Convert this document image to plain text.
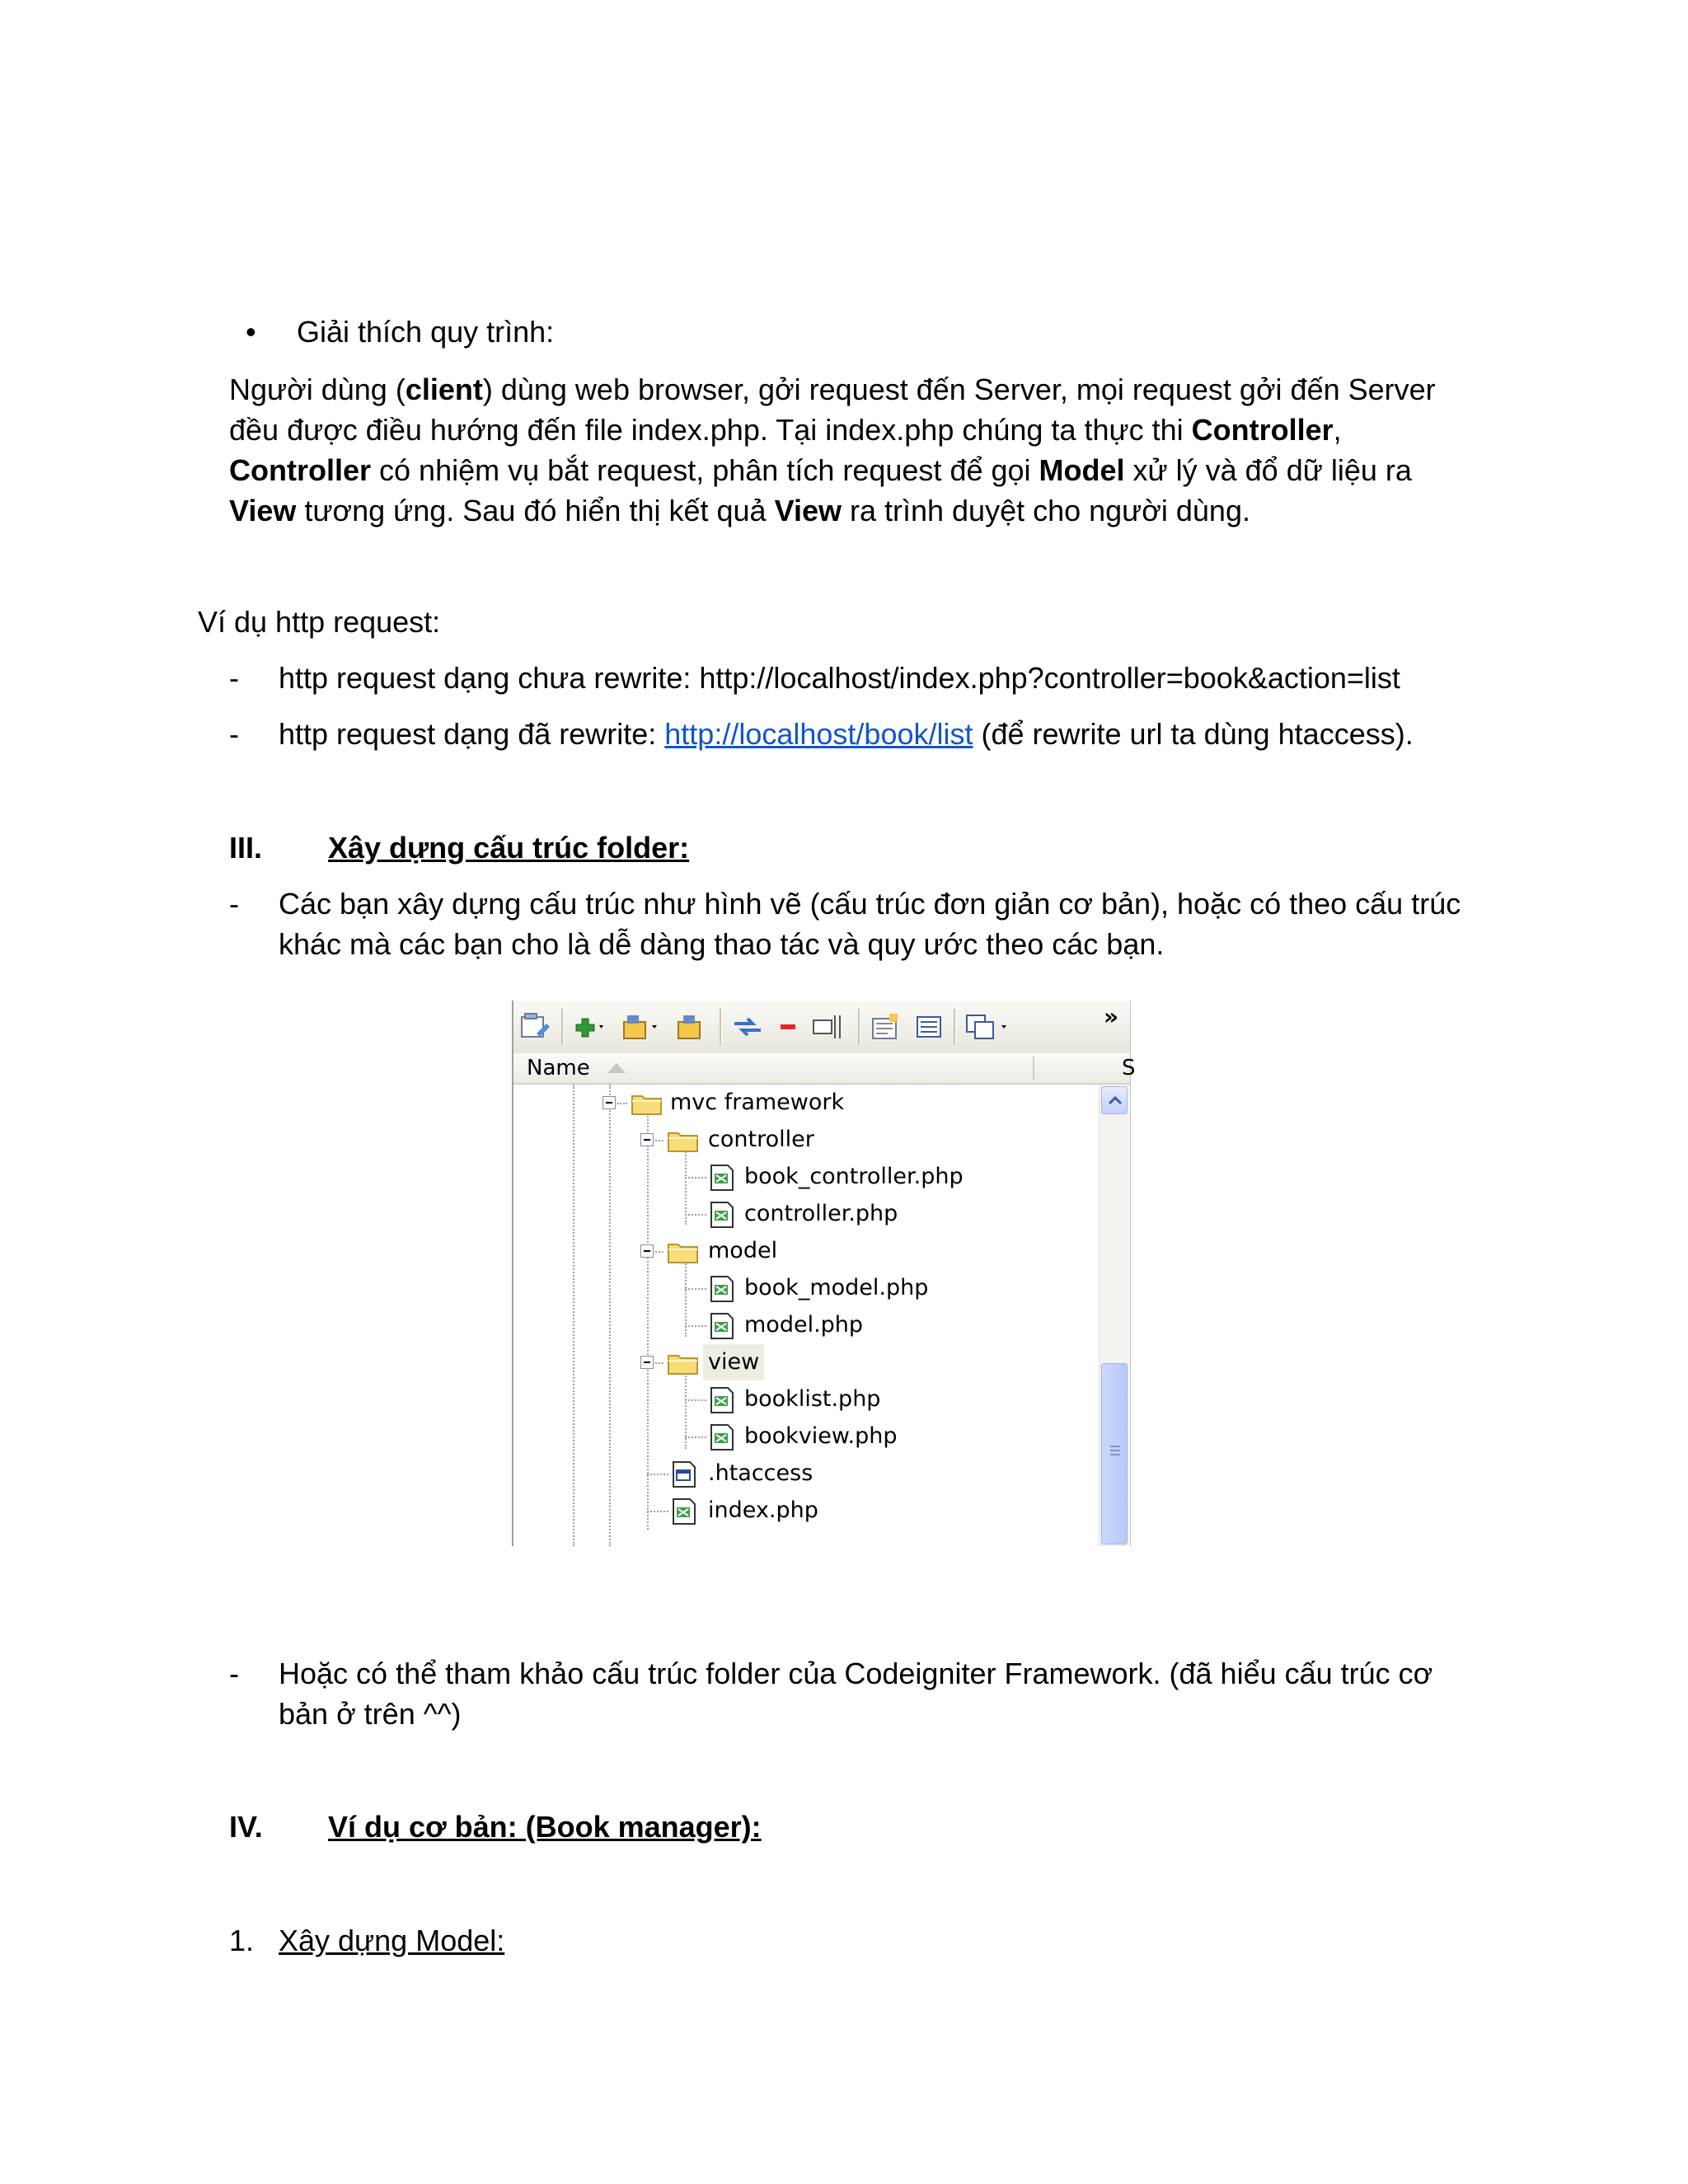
• Giải thích quy trình:
Người dùng (client) dùng web browser, gởi request đến Server, mọi request gởi đến Server đều được điều hướng đến file index.php. Tại index.php chúng ta thực thi Controller, Controller có nhiệm vụ bắt request, phân tích request để gọi Model xử lý và đổ dữ liệu ra View tương ứng. Sau đó hiển thị kết quả View ra trình duyệt cho người dùng.
Ví dụ http request:
- http request dạng chưa rewrite: http://localhost/index.php?controller=book&action=list
- http request dạng đã rewrite: http://localhost/book/list (để rewrite url ta dùng htaccess).
III. Xây dựng cấu trúc folder:
- Các bạn xây dựng cấu trúc như hình vẽ (cấu trúc đơn giản cơ bản), hoặc có theo cấu trúc khác mà các bạn cho là dễ dàng thao tác và quy ước theo các bạn.
»
Name	S
mvc framework
controller
book_controller.php
controller.php
model
book_model.php
model.php
view
booklist.php
bookview.php
.htaccess
index.php
- Hoặc có thể tham khảo cấu trúc folder của Codeigniter Framework. (đã hiểu cấu trúc cơ bản ở trên ^^)
IV. Ví dụ cơ bản: (Book manager):
1. Xây dựng Model:
